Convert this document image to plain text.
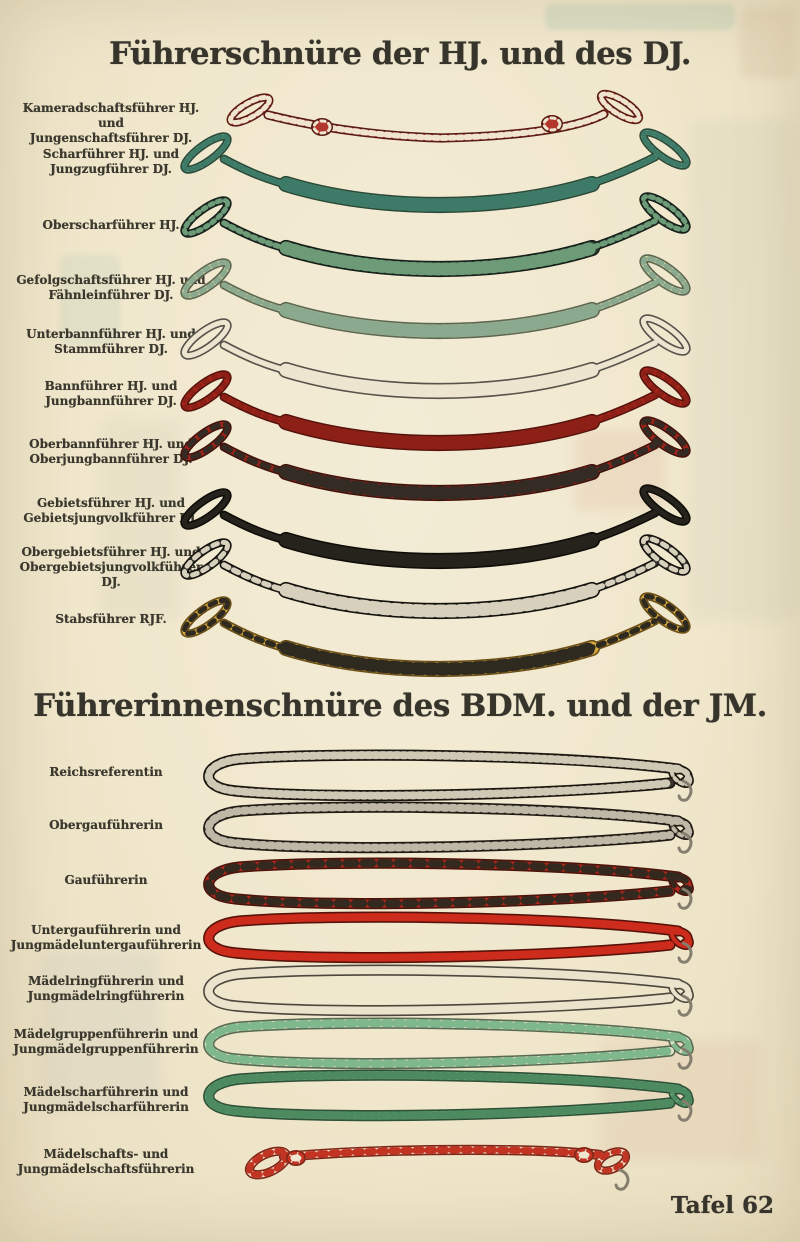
Führerschnüre der HJ. und des DJ.
Führerinnenschnüre des BDM. und der JM.
Tafel 62
Kameradschaftsführer HJ. und
Jungenschaftsführer DJ.
Scharführer HJ. und
Jungzugführer DJ.
Oberscharführer HJ.
Gefolgschaftsführer HJ. und
Fähnleinführer DJ.
Unterbannführer HJ. und
Stammführer DJ.
Bannführer HJ. und
Jungbannführer DJ.
Oberbannführer HJ. und
Oberjungbannführer DJ.
Gebietsführer HJ. und
Gebietsjungvolkführer DJ.
Obergebietsführer HJ. und
Obergebietsjungvolkführer DJ.
Stabsführer RJF.
Reichsreferentin
Obergauführerin
Gauführerin
Untergauführerin und
Jungmädeluntergauführerin
Mädelringführerin und
Jungmädelringführerin
Mädelgruppenführerin und
Jungmädelgruppenführerin
Mädelscharführerin und
Jungmädelscharführerin
Mädelschafts- und
Jungmädelschaftsführerin
